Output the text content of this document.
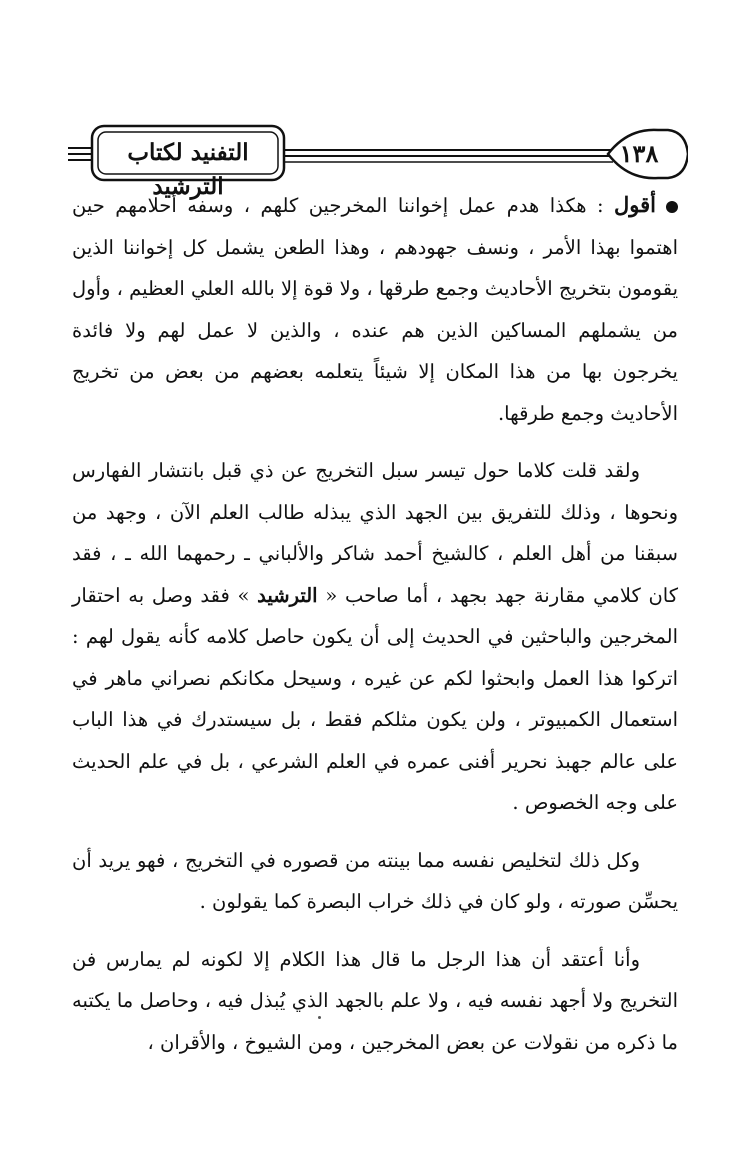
التفنيد لكتاب الترشيد
١٣٨

أقول : هكذا هدم عمل إخواننا المخرجين كلهم ، وسفه أحلامهم حين اهتموا بهذا الأمر ، ونسف جهودهم ، وهذا الطعن يشمل كل إخواننا الذين يقومون بتخريج الأحاديث وجمع طرقها ، ولا قوة إلا بالله العلي العظيم ، وأول من يشملهم المساكين الذين هم عنده ، والذين لا عمل لهم ولا فائدة يخرجون بها من هذا المكان إلا شيئاً يتعلمه بعضهم من بعض من تخريج الأحاديث وجمع طرقها.

ولقد قلت كلاما حول تيسر سبل التخريج عن ذي قبل بانتشار الفهارس ونحوها ، وذلك للتفريق بين الجهد الذي يبذله طالب العلم الآن ، وجهد من سبقنا من أهل العلم ، كالشيخ أحمد شاكر والألباني ـ رحمهما الله ـ ، فقد كان كلامي مقارنة جهد بجهد ، أما صاحب « الترشيد » فقد وصل به احتقار المخرجين والباحثين في الحديث إلى أن يكون حاصل كلامه كأنه يقول لهم : اتركوا هذا العمل وابحثوا لكم عن غيره ، وسيحل مكانكم نصراني ماهر في استعمال الكمبيوتر ، ولن يكون مثلكم فقط ، بل سيستدرك في هذا الباب على عالم جهبذ نحرير أفنى عمره في العلم الشرعي ، بل في علم الحديث على وجه الخصوص .

وكل ذلك لتخليص نفسه مما بينته من قصوره في التخريج ، فهو يريد أن يحسِّن صورته ، ولو كان في ذلك خراب البصرة كما يقولون .

وأنا أعتقد أن هذا الرجل ما قال هذا الكلام إلا لكونه لم يمارس فن التخريج ولا أجهد نفسه فيه ، ولا علم بالجهد الذي يُبذل فيه ، وحاصل ما يكتبه ما ذكره من نقولات عن بعض المخرجين ، ومن الشيوخ ، والأقران ،
